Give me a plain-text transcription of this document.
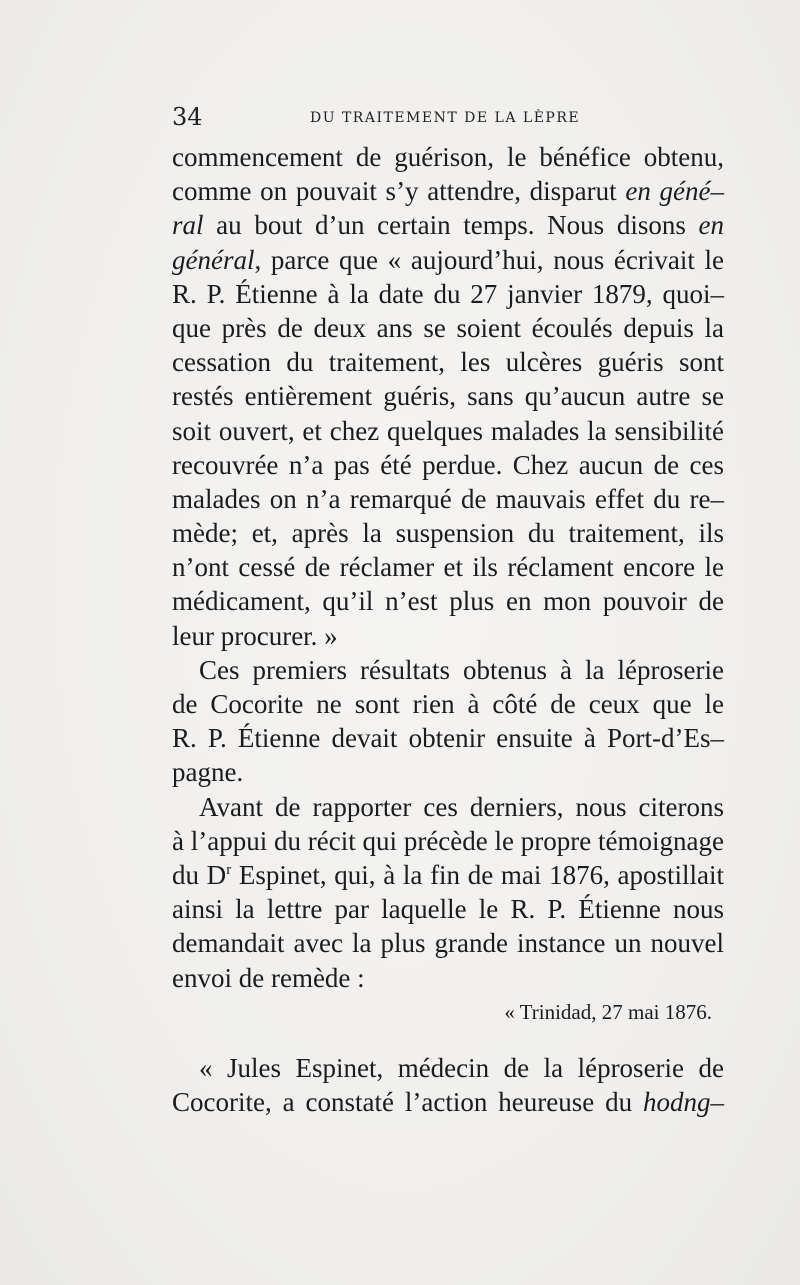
34	DU TRAITEMENT DE LA LÈPRE
commencement de guérison, le bénéfice obtenu,
comme on pouvait s’y attendre, disparut en géné–
ral au bout d’un certain temps. Nous disons en
général, parce que « aujourd’hui, nous écrivait le
R. P. Étienne à la date du 27 janvier 1879, quoi–
que près de deux ans se soient écoulés depuis la
cessation du traitement, les ulcères guéris sont
restés entièrement guéris, sans qu’aucun autre se
soit ouvert, et chez quelques malades la sensibilité
recouvrée n’a pas été perdue. Chez aucun de ces
malades on n’a remarqué de mauvais effet du re–
mède; et, après la suspension du traitement, ils
n’ont cessé de réclamer et ils réclament encore le
médicament, qu’il n’est plus en mon pouvoir de
leur procurer. »
Ces premiers résultats obtenus à la léproserie
de Cocorite ne sont rien à côté de ceux que le
R. P. Étienne devait obtenir ensuite à Port-d’Es–
pagne.
Avant de rapporter ces derniers, nous citerons
à l’appui du récit qui précède le propre témoignage
du $D^r$ Espinet, qui, à la fin de mai 1876, apostillait
ainsi la lettre par laquelle le R. P. Étienne nous
demandait avec la plus grande instance un nouvel
envoi de remède :
« Trinidad, 27 mai 1876.
« Jules Espinet, médecin de la léproserie de
Cocorite, a constaté l’action heureuse du hodng–
